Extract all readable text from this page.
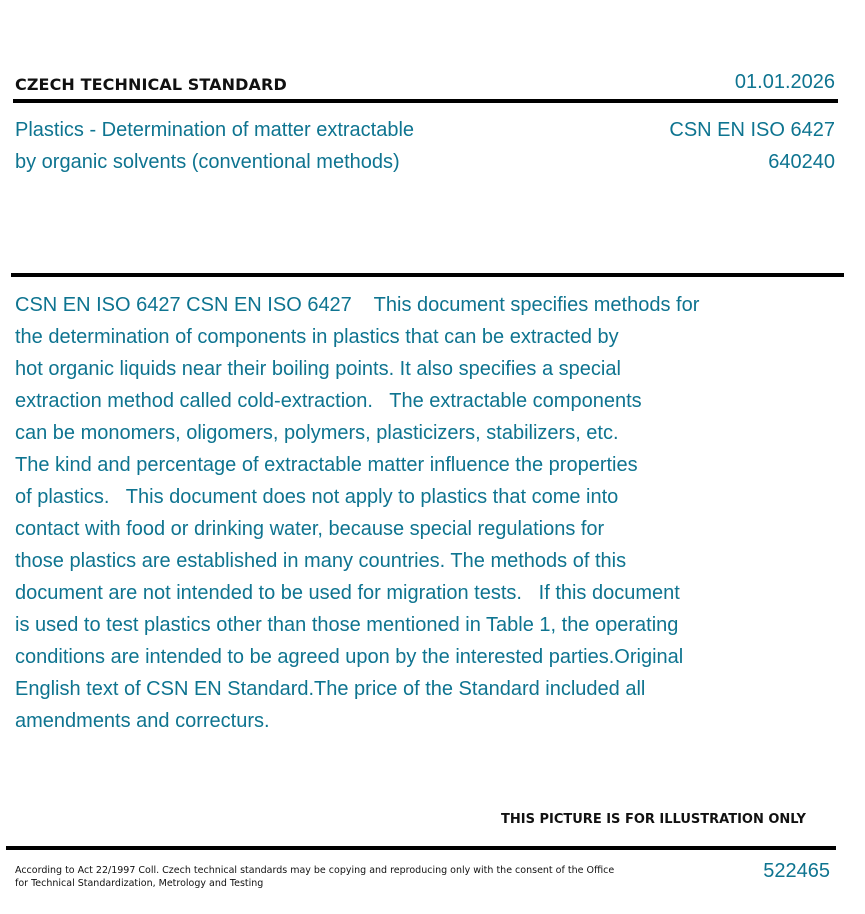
CZECH TECHNICAL STANDARD	01.01.2026
Plastics - Determination of matter extractable
by organic solvents (conventional methods)
CSN EN ISO 6427
640240
CSN EN ISO 6427 CSN EN ISO 6427    This document specifies methods for
the determination of components in plastics that can be extracted by
hot organic liquids near their boiling points. It also specifies a special
extraction method called cold-extraction.   The extractable components
can be monomers, oligomers, polymers, plasticizers, stabilizers, etc.
The kind and percentage of extractable matter influence the properties
of plastics.   This document does not apply to plastics that come into
contact with food or drinking water, because special regulations for
those plastics are established in many countries. The methods of this
document are not intended to be used for migration tests.   If this document
is used to test plastics other than those mentioned in Table 1, the operating
conditions are intended to be agreed upon by the interested parties.Original
English text of CSN EN Standard.The price of the Standard included all
amendments and correcturs.
THIS PICTURE IS FOR ILLUSTRATION ONLY
According to Act 22/1997 Coll. Czech technical standards may be copying and reproducing only with the consent of the Office
for Technical Standardization, Metrology and Testing
522465
